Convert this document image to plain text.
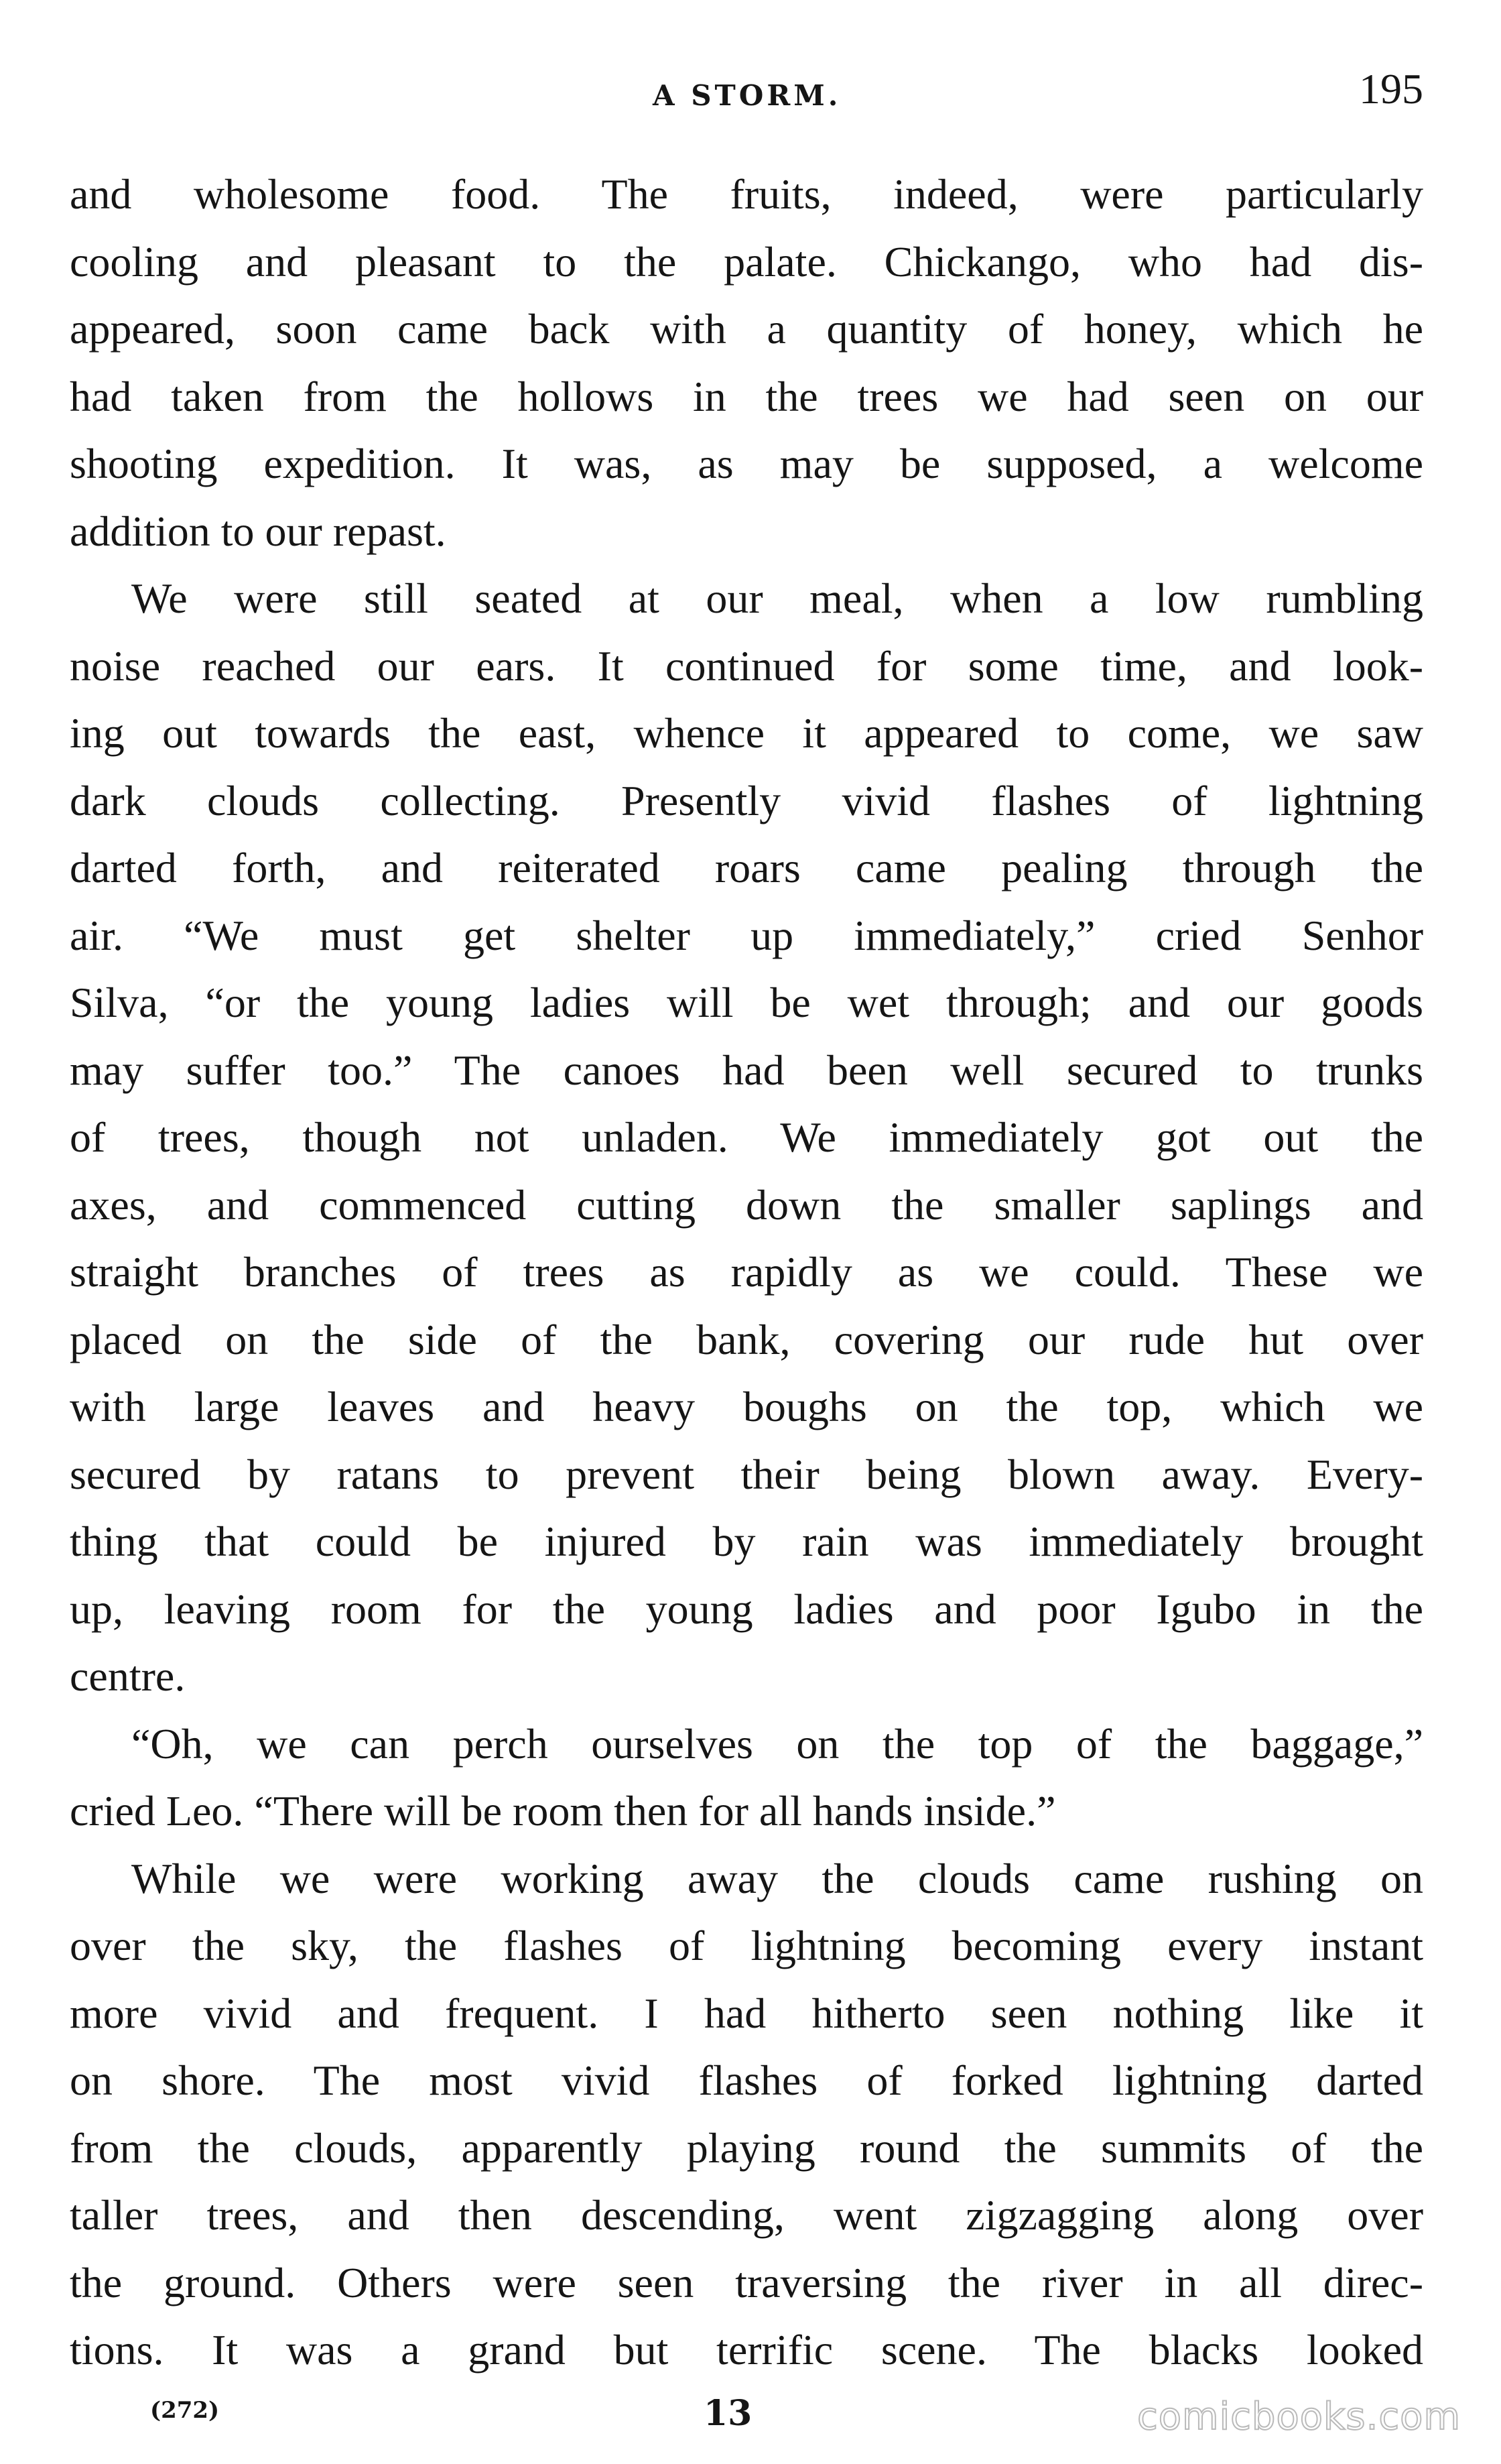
A STORM.	195

and wholesome food. The fruits, indeed, were particularly
cooling and pleasant to the palate. Chickango, who had dis-
appeared, soon came back with a quantity of honey, which he
had taken from the hollows in the trees we had seen on our
shooting expedition. It was, as may be supposed, a welcome
addition to our repast.

We were still seated at our meal, when a low rumbling
noise reached our ears. It continued for some time, and look-
ing out towards the east, whence it appeared to come, we saw
dark clouds collecting. Presently vivid flashes of lightning
darted forth, and reiterated roars came pealing through the
air. “We must get shelter up immediately,” cried Senhor
Silva, “or the young ladies will be wet through; and our goods
may suffer too.” The canoes had been well secured to trunks
of trees, though not unladen. We immediately got out the
axes, and commenced cutting down the smaller saplings and
straight branches of trees as rapidly as we could. These we
placed on the side of the bank, covering our rude hut over
with large leaves and heavy boughs on the top, which we
secured by ratans to prevent their being blown away. Every-
thing that could be injured by rain was immediately brought
up, leaving room for the young ladies and poor Igubo in the
centre.

“Oh, we can perch ourselves on the top of the baggage,”
cried Leo. “There will be room then for all hands inside.”

While we were working away the clouds came rushing on
over the sky, the flashes of lightning becoming every instant
more vivid and frequent. I had hitherto seen nothing like it
on shore. The most vivid flashes of forked lightning darted
from the clouds, apparently playing round the summits of the
taller trees, and then descending, went zigzagging along over
the ground. Others were seen traversing the river in all direc-
tions. It was a grand but terrific scene. The blacks looked

(272)	13	comicbooks.com
